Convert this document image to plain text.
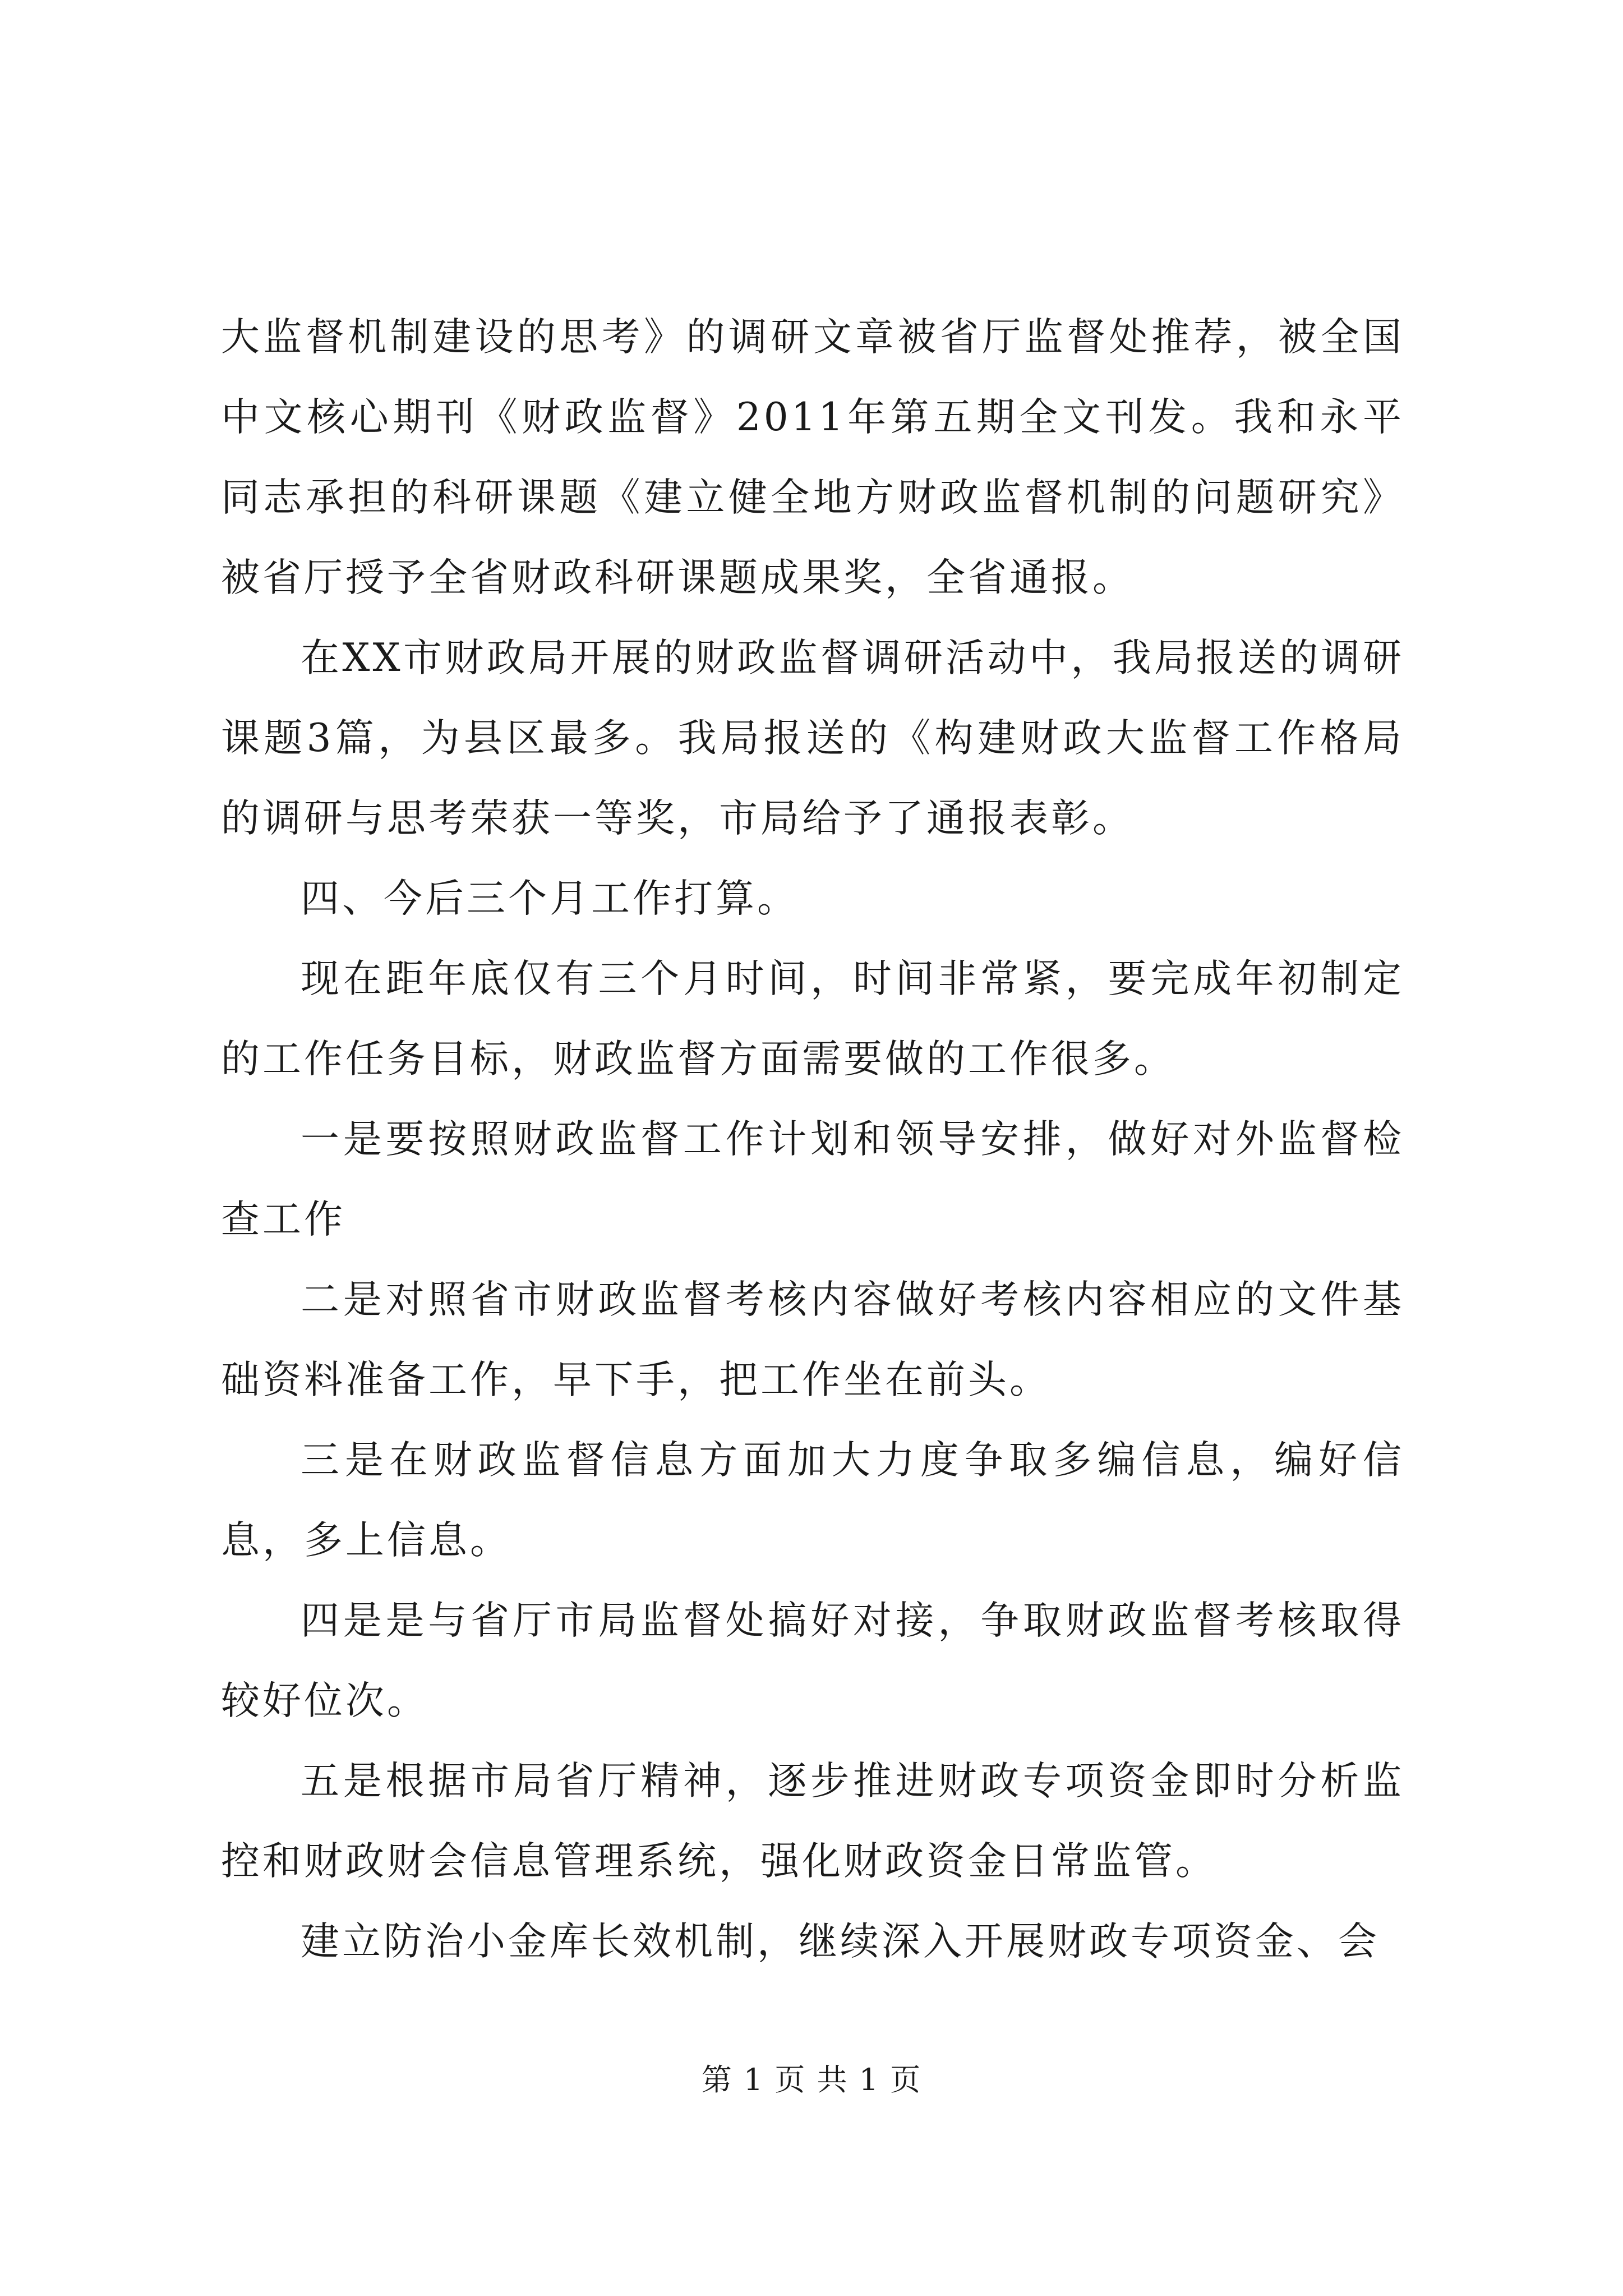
大监督机制建设的思考》的调研文章被省厅监督处推荐，被全国中文核心期刊《财政监督》2011年第五期全文刊发。我和永平同志承担的科研课题《建立健全地方财政监督机制的问题研究》被省厅授予全省财政科研课题成果奖，全省通报。

在XX市财政局开展的财政监督调研活动中，我局报送的调研课题3篇，为县区最多。我局报送的《构建财政大监督工作格局的调研与思考荣获一等奖，市局给予了通报表彰。

四、今后三个月工作打算。

现在距年底仅有三个月时间，时间非常紧，要完成年初制定的工作任务目标，财政监督方面需要做的工作很多。

一是要按照财政监督工作计划和领导安排，做好对外监督检查工作

二是对照省市财政监督考核内容做好考核内容相应的文件基础资料准备工作，早下手，把工作坐在前头。

三是在财政监督信息方面加大力度争取多编信息，编好信息，多上信息。

四是是与省厅市局监督处搞好对接，争取财政监督考核取得较好位次。

五是根据市局省厅精神，逐步推进财政专项资金即时分析监控和财政财会信息管理系统，强化财政资金日常监管。

建立防治小金库长效机制，继续深入开展财政专项资金、会

第 1 页 共 1 页
